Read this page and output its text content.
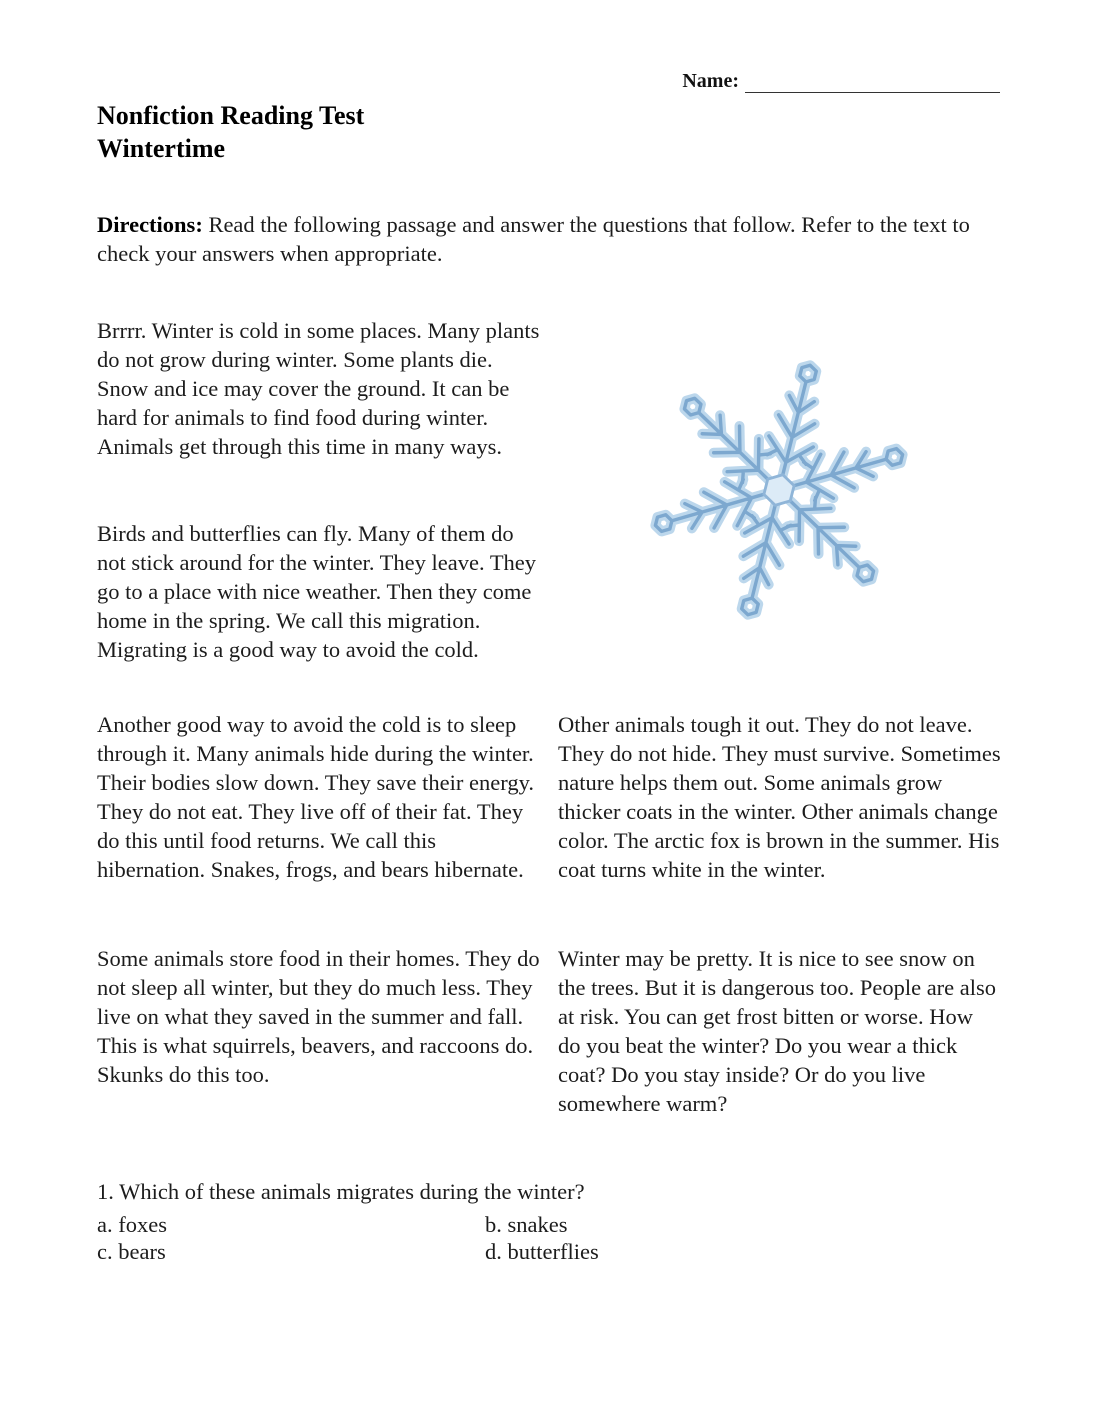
Name:
Nonfiction Reading Test
Wintertime

Directions: Read the following passage and answer the questions that follow. Refer to the text to check your answers when appropriate.

Brrrr. Winter is cold in some places. Many plants do not grow during winter. Some plants die. Snow and ice may cover the ground. It can be hard for animals to find food during winter. Animals get through this time in many ways.

Birds and butterflies can fly. Many of them do not stick around for the winter. They leave. They go to a place with nice weather. Then they come home in the spring. We call this migration. Migrating is a good way to avoid the cold.

Another good way to avoid the cold is to sleep through it. Many animals hide during the winter. Their bodies slow down. They save their energy. They do not eat. They live off of their fat. They do this until food returns. We call this hibernation. Snakes, frogs, and bears hibernate.

Other animals tough it out. They do not leave. They do not hide. They must survive. Sometimes nature helps them out. Some animals grow thicker coats in the winter. Other animals change color. The arctic fox is brown in the summer. His coat turns white in the winter.

Some animals store food in their homes. They do not sleep all winter, but they do much less. They live on what they saved in the summer and fall. This is what squirrels, beavers, and raccoons do. Skunks do this too.

Winter may be pretty. It is nice to see snow on the trees. But it is dangerous too. People are also at risk. You can get frost bitten or worse. How do you beat the winter? Do you wear a thick coat? Do you stay inside? Or do you live somewhere warm?

1. Which of these animals migrates during the winter?

a. foxes	b. snakes
c. bears	d. butterflies
